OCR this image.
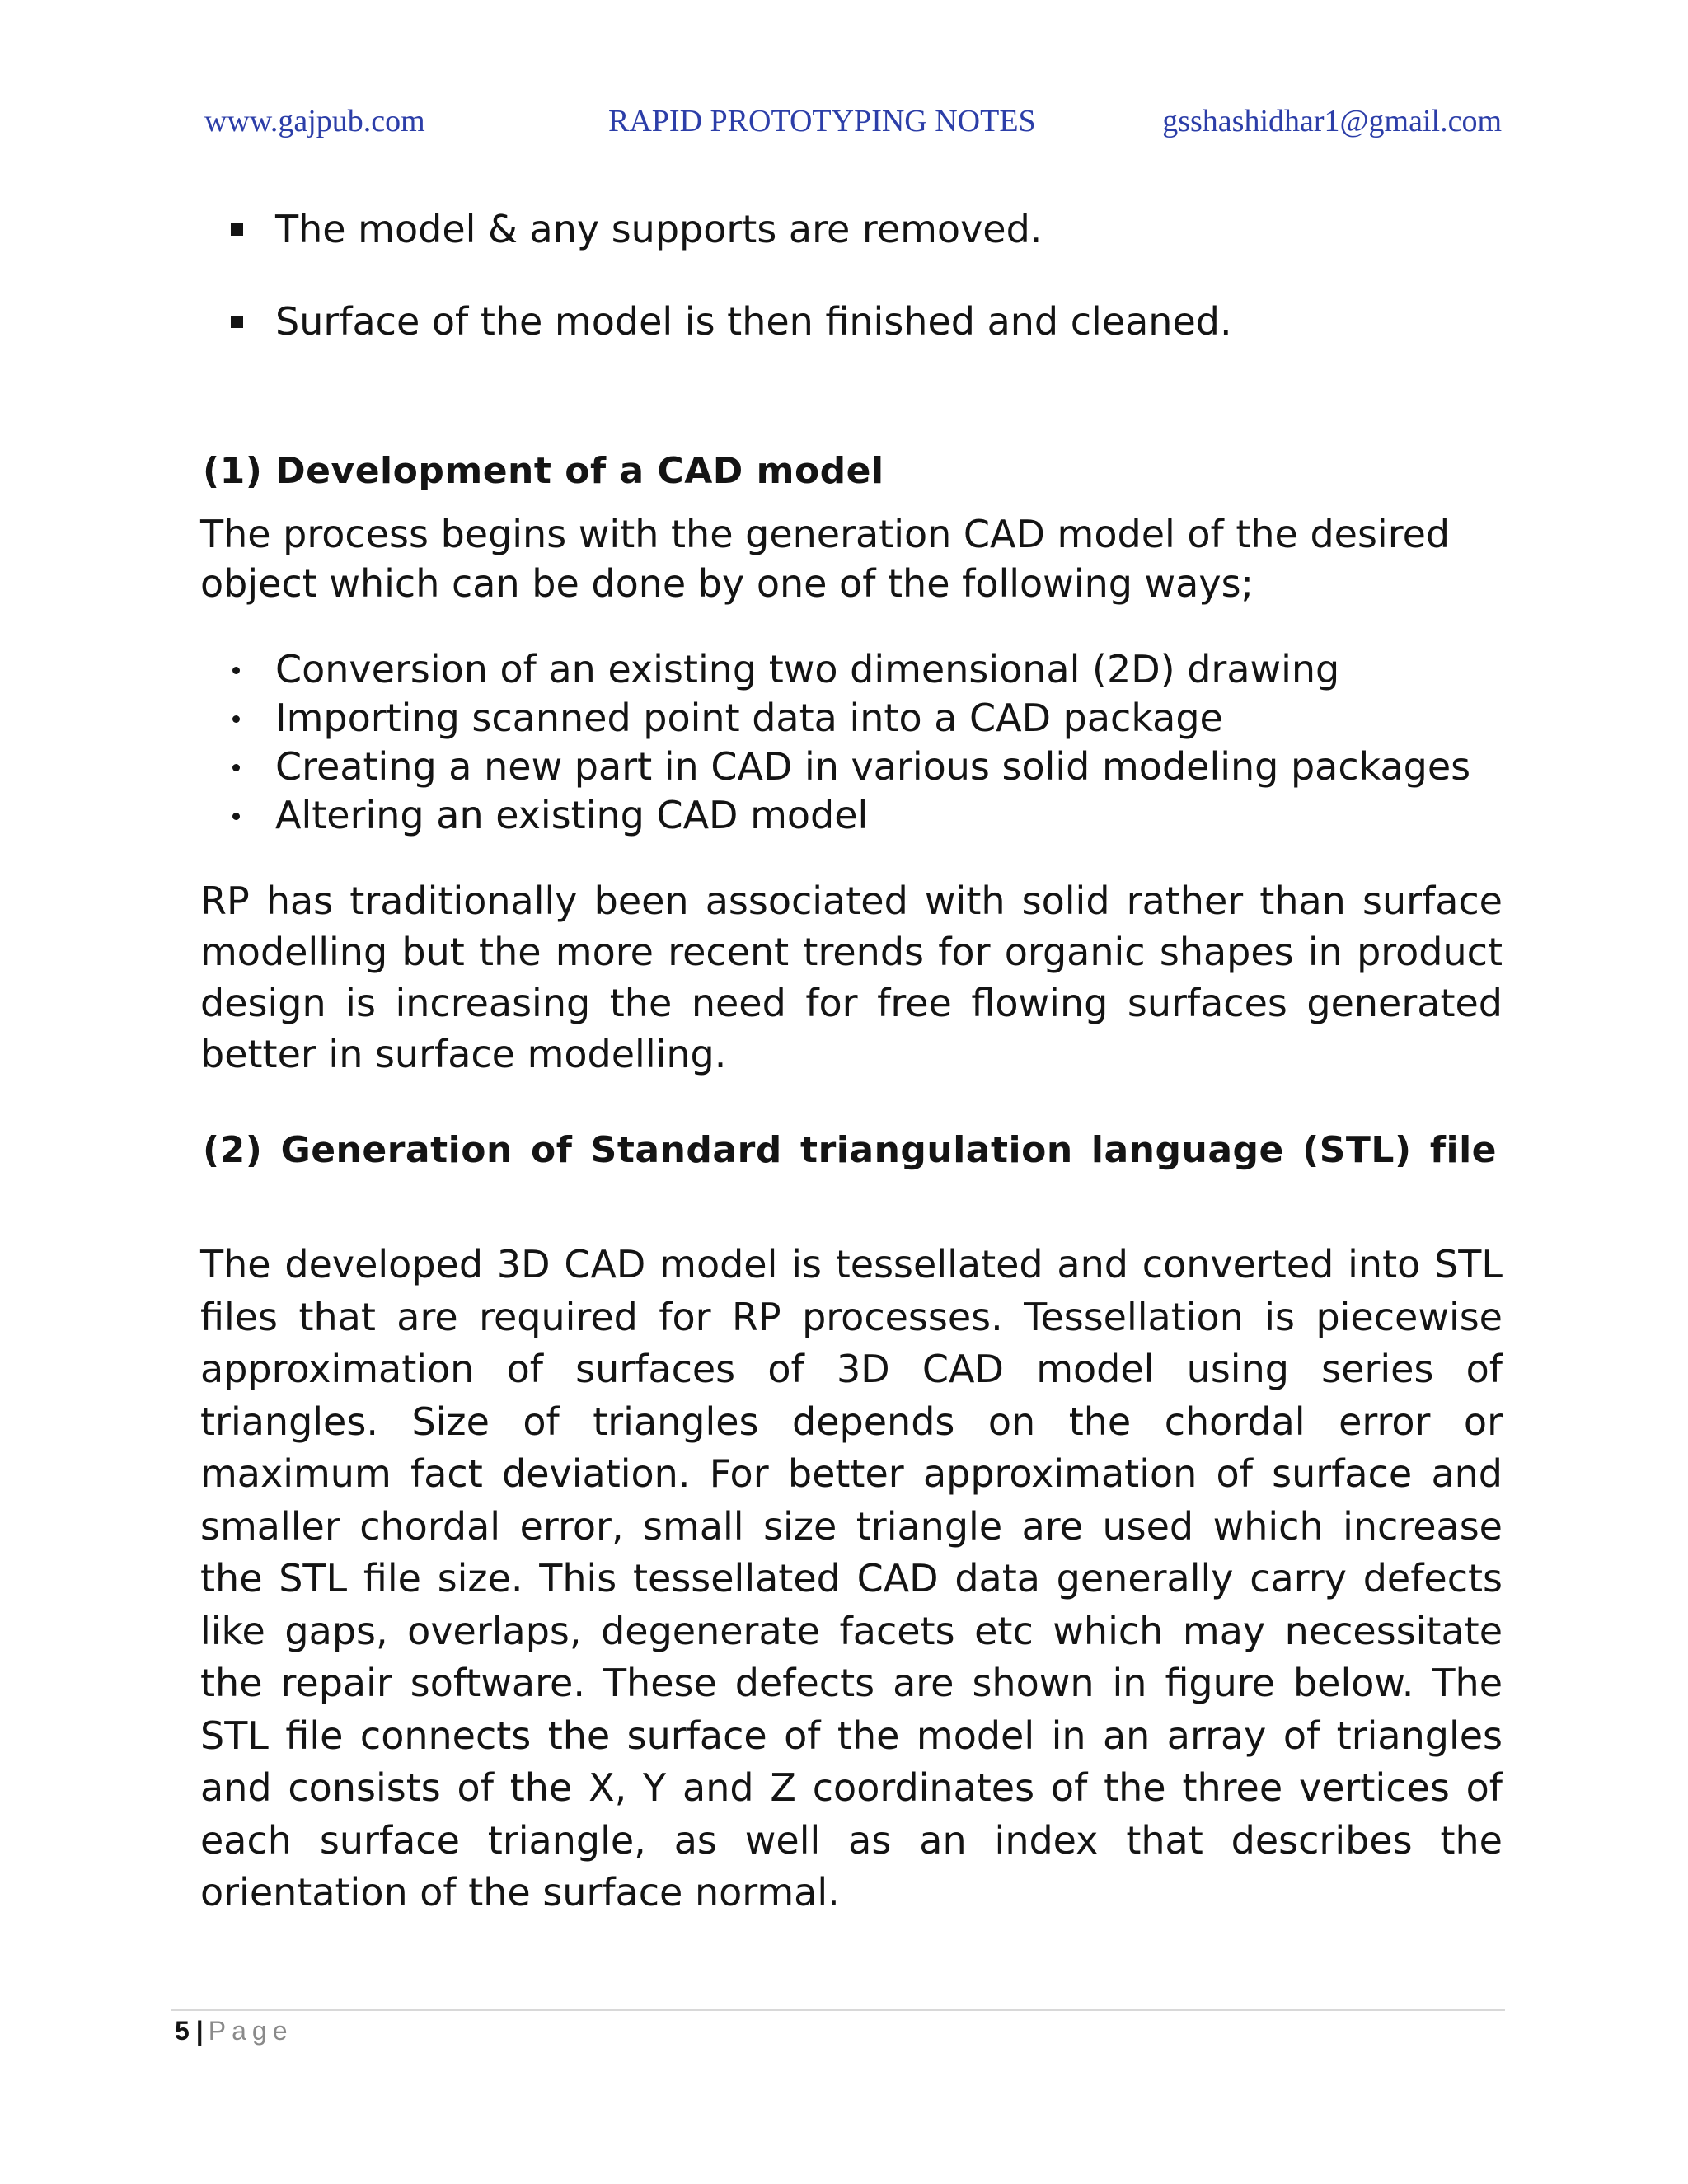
www.gajpub.com	RAPID PROTOTYPING NOTES	gsshashidhar1@gmail.com
The model & any supports are removed.
Surface of the model is then finished and cleaned.
(1) Development of a CAD model

The process begins with the generation CAD model of the desired object which can be done by one of the following ways;

Conversion of an existing two dimensional (2D) drawing
Importing scanned point data into a CAD package
Creating a new part in CAD in various solid modeling packages
Altering an existing CAD model

RP has traditionally been associated with solid rather than surface modelling but the more recent trends for organic shapes in product design is increasing the need for free flowing surfaces generated better in surface modelling.

(2) Generation of Standard triangulation language (STL) file

The developed 3D CAD model is tessellated and converted into STL files that are required for RP processes. Tessellation is piecewise approximation of surfaces of 3D CAD model using series of triangles. Size of triangles depends on the chordal error or maximum fact deviation. For better approximation of surface and smaller chordal error, small size triangle are used which increase the STL file size. This tessellated CAD data generally carry defects like gaps, overlaps, degenerate facets etc which may necessitate the repair software. These defects are shown in figure below. The STL file connects the surface of the model in an array of triangles and consists of the X, Y and Z coordinates of the three vertices of each surface triangle, as well as an index that describes the orientation of the surface normal.

5 | Page
